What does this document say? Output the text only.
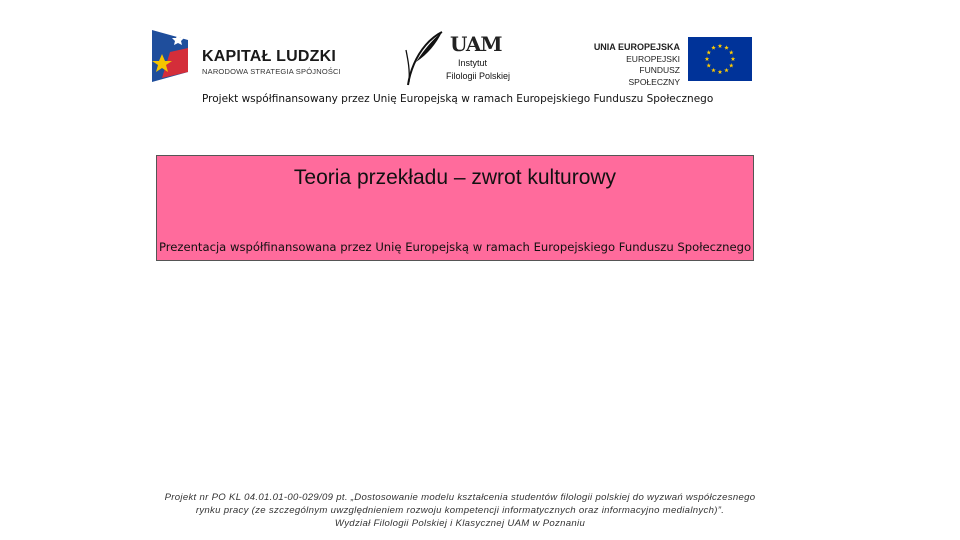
KAPITAŁ LUDZKI
NARODOWA STRATEGIA SPÓJNOŚCI
UAM
Instytut
Filologii Polskiej
UNIA EUROPEJSKA
EUROPEJSKI
FUNDUSZ SPOŁECZNY
Projekt współfinansowany przez Unię Europejską w ramach Europejskiego Funduszu Społecznego
Teoria przekładu – zwrot kulturowy
Prezentacja współfinansowana przez Unię Europejską w ramach Europejskiego Funduszu Społecznego
Projekt nr PO KL 04.01.01-00-029/09 pt. „Dostosowanie modelu kształcenia studentów filologii polskiej do wyzwań współczesnego
rynku pracy (ze szczególnym uwzględnieniem rozwoju kompetencji informatycznych oraz informacyjno medialnych)”.
Wydział Filologii Polskiej i Klasycznej UAM w Poznaniu
